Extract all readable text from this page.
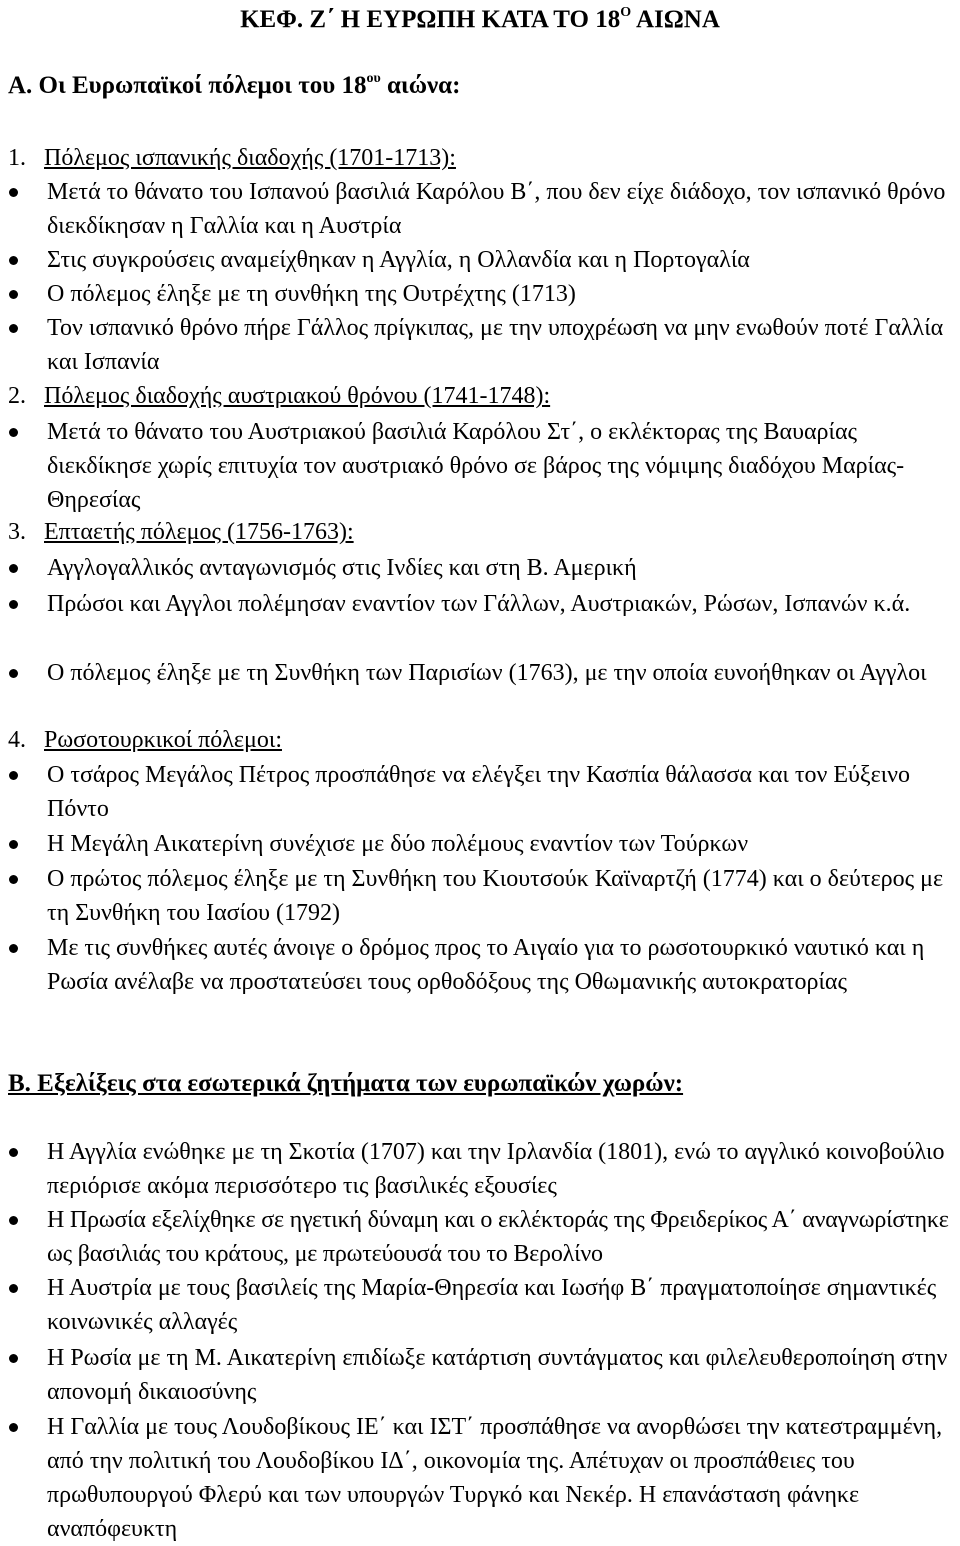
ΚΕΦ. Ζ΄ Η ΕΥΡΩΠΗ ΚΑΤΑ ΤΟ $18^O$ ΑΙΩΝΑ
Α. Οι Ευρωπαϊκοί πόλεμοι του $18^{o\upsilon}$ αιώνα:
1. Πόλεμος ισπανικής διαδοχής (1701-1713):
Μετά το θάνατο του Ισπανού βασιλιά Καρόλου Β΄, που δεν είχε διάδοχο, τον ισπανικό θρόνο διεκδίκησαν η Γαλλία και η Αυστρία
Στις συγκρούσεις αναμείχθηκαν η Αγγλία, η Ολλανδία και η Πορτογαλία
Ο πόλεμος έληξε με τη συνθήκη της Ουτρέχτης (1713)
Τον ισπανικό θρόνο πήρε Γάλλος πρίγκιπας, με την υποχρέωση να μην ενωθούν ποτέ Γαλλία και Ισπανία
2. Πόλεμος διαδοχής αυστριακού θρόνου (1741-1748):
Μετά το θάνατο του Αυστριακού βασιλιά Καρόλου Στ΄, ο εκλέκτορας της Βαυαρίας διεκδίκησε χωρίς επιτυχία τον αυστριακό θρόνο σε βάρος της νόμιμης διαδόχου Μαρίας-Θηρεσίας
3. Επταετής πόλεμος (1756-1763):
Αγγλογαλλικός ανταγωνισμός στις Ινδίες και στη Β. Αμερική
Πρώσοι και Αγγλοι πολέμησαν εναντίον των Γάλλων, Αυστριακών, Ρώσων, Ισπανών κ.ά.
Ο πόλεμος έληξε με τη Συνθήκη των Παρισίων (1763), με την οποία ευνοήθηκαν οι Αγγλοι
4. Ρωσοτουρκικοί πόλεμοι:
Ο τσάρος Μεγάλος Πέτρος προσπάθησε να ελέγξει την Κασπία θάλασσα και τον Εύξεινο Πόντο
Η Μεγάλη Αικατερίνη συνέχισε με δύο πολέμους εναντίον των Τούρκων
Ο πρώτος πόλεμος έληξε με τη Συνθήκη του Κιουτσούκ Καϊναρτζή (1774) και ο δεύτερος με τη Συνθήκη του Ιασίου (1792)
Με τις συνθήκες αυτές άνοιγε ο δρόμος προς το Αιγαίο για το ρωσοτουρκικό ναυτικό και η Ρωσία ανέλαβε να προστατεύσει τους ορθοδόξους της Οθωμανικής αυτοκρατορίας
Β. Εξελίξεις στα εσωτερικά ζητήματα των ευρωπαϊκών χωρών:
Η Αγγλία ενώθηκε με τη Σκοτία (1707) και την Ιρλανδία (1801), ενώ το αγγλικό κοινοβούλιο περιόρισε ακόμα περισσότερο τις βασιλικές εξουσίες
Η Πρωσία εξελίχθηκε σε ηγετική δύναμη και ο εκλέκτοράς της Φρειδερίκος Α΄ αναγνωρίστηκε ως βασιλιάς του κράτους, με πρωτεύουσά του το Βερολίνο
Η Αυστρία με τους βασιλείς της Μαρία-Θηρεσία και Ιωσήφ Β΄ πραγματοποίησε σημαντικές κοινωνικές αλλαγές
Η Ρωσία με τη Μ. Αικατερίνη επιδίωξε κατάρτιση συντάγματος και φιλελευθεροποίηση στην απονομή δικαιοσύνης
Η Γαλλία με τους Λουδοβίκους ΙΕ΄ και ΙΣΤ΄ προσπάθησε να ανορθώσει την κατεστραμμένη, από την πολιτική του Λουδοβίκου ΙΔ΄, οικονομία της. Απέτυχαν οι προσπάθειες του πρωθυπουργού Φλερύ και των υπουργών Τυργκό και Νεκέρ. Η επανάσταση φάνηκε αναπόφευκτη
